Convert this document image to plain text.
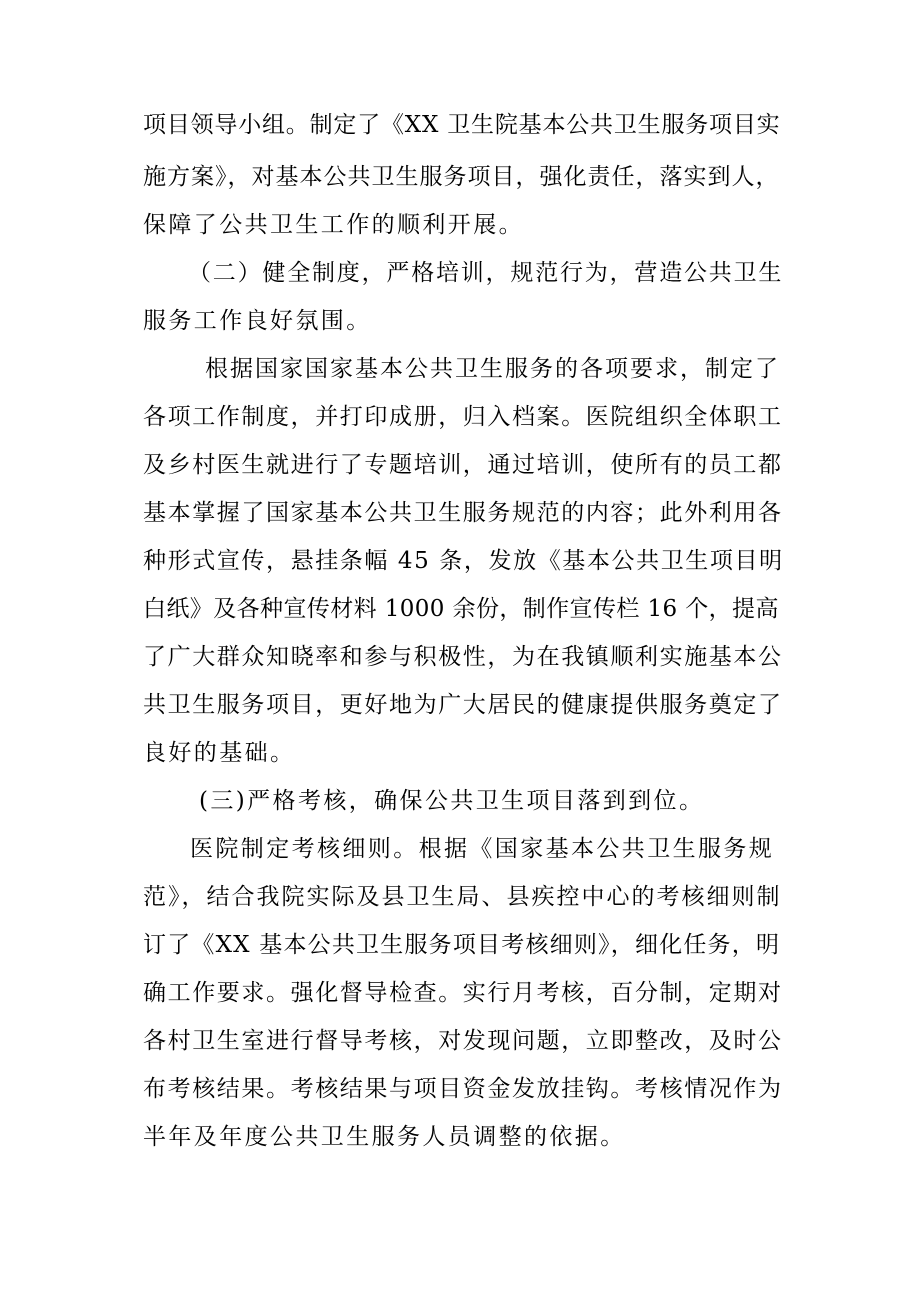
项目领导小组。制定了《XX 卫生院基本公共卫生服务项目实

施方案》，对基本公共卫生服务项目，强化责任，落实到人，

保障了公共卫生工作的顺利开展。

（二）健全制度，严格培训，规范行为，营造公共卫生

服务工作良好氛围。

根据国家国家基本公共卫生服务的各项要求，制定了

各项工作制度，并打印成册，归入档案。医院组织全体职工

及乡村医生就进行了专题培训，通过培训，使所有的员工都

基本掌握了国家基本公共卫生服务规范的内容；此外利用各

种形式宣传，悬挂条幅 45 条，发放《基本公共卫生项目明

白纸》及各种宣传材料 1000 余份，制作宣传栏 16 个，提高

了广大群众知晓率和参与积极性，为在我镇顺利实施基本公

共卫生服务项目，更好地为广大居民的健康提供服务奠定了

良好的基础。

(三)严格考核，确保公共卫生项目落到到位。

医院制定考核细则。根据《国家基本公共卫生服务规

范》，结合我院实际及县卫生局、县疾控中心的考核细则制

订了《XX 基本公共卫生服务项目考核细则》，细化任务，明

确工作要求。强化督导检查。实行月考核，百分制，定期对

各村卫生室进行督导考核，对发现问题，立即整改，及时公

布考核结果。考核结果与项目资金发放挂钩。考核情况作为

半年及年度公共卫生服务人员调整的依据。
